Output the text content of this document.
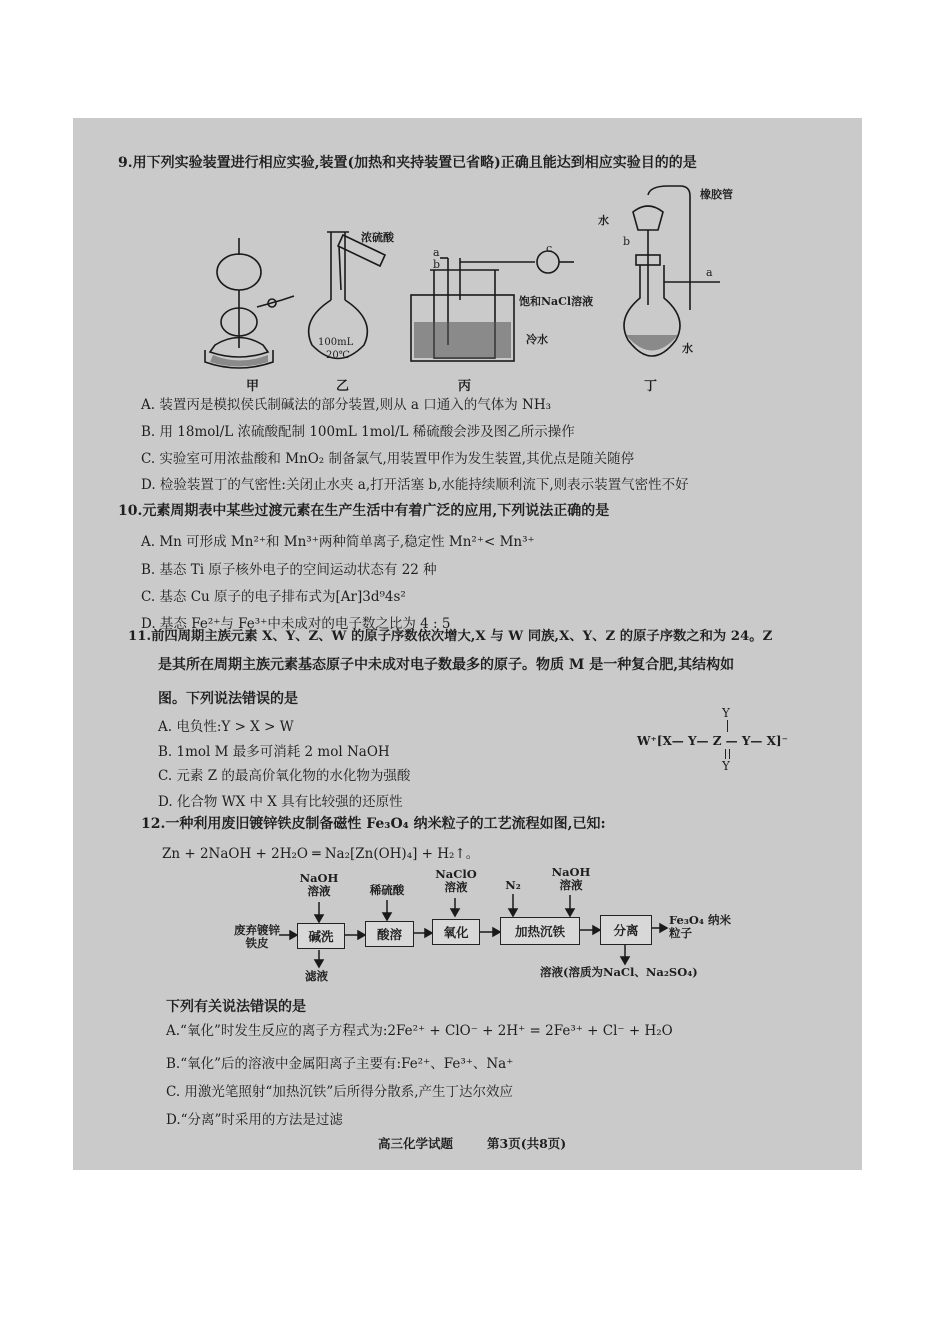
9.用下列实验装置进行相应实验,装置(加热和夹持装置已省略)正确且能达到相应实验目的的是
浓硫酸
100mL
20℃
a
b
c
饱和NaCl溶液
冷水
橡胶管
水
b
a
水
甲	乙	丙	丁
A. 装置丙是模拟侯氏制碱法的部分装置,则从 a 口通入的气体为 NH₃
B. 用 18mol/L 浓硫酸配制 100mL 1mol/L 稀硫酸会涉及图乙所示操作
C. 实验室可用浓盐酸和 MnO₂ 制备氯气,用装置甲作为发生装置,其优点是随关随停
D. 检验装置丁的气密性:关闭止水夹 a,打开活塞 b,水能持续顺利流下,则表示装置气密性不好
10.元素周期表中某些过渡元素在生产生活中有着广泛的应用,下列说法正确的是
A. Mn 可形成 Mn²⁺和 Mn³⁺两种简单离子,稳定性 Mn²⁺< Mn³⁺
B. 基态 Ti 原子核外电子的空间运动状态有 22 种
C. 基态 Cu 原子的电子排布式为[Ar]3d⁹4s²
D. 基态 Fe²⁺与 Fe³⁺中未成对的电子数之比为 4 : 5
11.前四周期主族元素 X、Y、Z、W 的原子序数依次增大,X 与 W 同族,X、Y、Z 的原子序数之和为 24。Z
是其所在周期主族元素基态原子中未成对电子数最多的原子。物质 M 是一种复合肥,其结构如
图。下列说法错误的是
A. 电负性:Y > X > W
B. 1mol M 最多可消耗 2 mol NaOH
C. 元素 Z 的最高价氧化物的水化物为强酸
D. 化合物 WX 中 X 具有比较强的还原性
Y
W⁺[X— Y— Z — Y— X]⁻
Y
12.一种利用废旧镀锌铁皮制备磁性 Fe₃O₄ 纳米粒子的工艺流程如图,已知:
Zn + 2NaOH + 2H₂O ═ Na₂[Zn(OH)₄] + H₂↑。
废弃镀锌铁皮	碱洗	酸溶	氧化	加热沉铁	分离
NaOH 溶液	稀硫酸
NaClO 溶液	N₂
NaOH 溶液
滤液
Fe₃O₄ 纳米粒子
溶液(溶质为NaCl、Na₂SO₄)
下列有关说法错误的是
A.“氧化”时发生反应的离子方程式为:2Fe²⁺ + ClO⁻ + 2H⁺ = 2Fe³⁺ + Cl⁻ + H₂O
B.“氧化”后的溶液中金属阳离子主要有:Fe²⁺、Fe³⁺、Na⁺
C. 用激光笔照射“加热沉铁”后所得分散系,产生丁达尔效应
D.“分离”时采用的方法是过滤
高三化学试题	第3页(共8页)
